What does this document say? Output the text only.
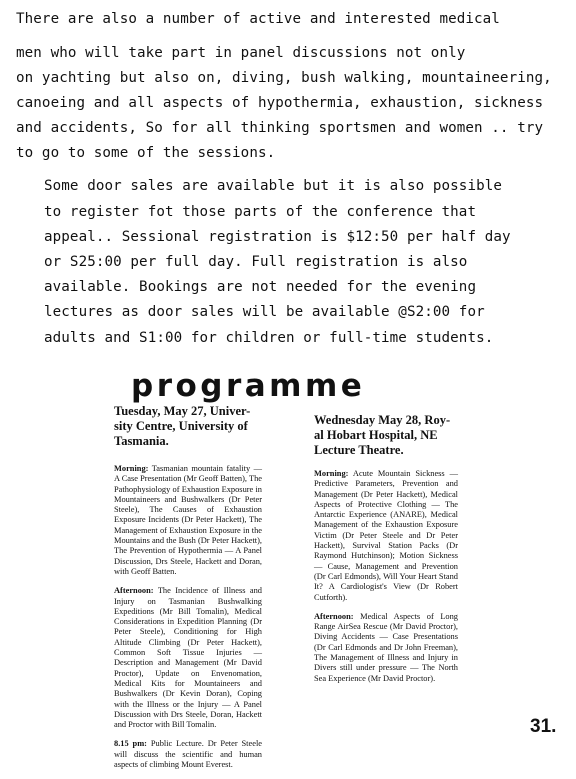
There are also a number of active and interested medical
men who will take part in panel discussions not only
on yachting but also on, diving, bush walking, mountaineering,
canoeing and all aspects of hypothermia, exhaustion, sickness
and accidents, So for all thinking sportsmen and women .. try
to go to some of the sessions.
Some door sales are available but it is also possible
to register fot those parts of the conference that
appeal.. Sessional registration is $12:50 per half day
or S25:00 per full day. Full registration is also
available. Bookings are not needed for the evening
lectures as door sales will be available @S2:00 for
adults and S1:00 for children or full-time students.
programme
Tuesday, May 27, Univer-
sity Centre, University of
Tasmania.
Morning: Tasmanian mountain fatality — A Case Presentation (Mr Geoff Batten), The Pathophysiology of Exhaustion Exposure in Mountaineers and Bushwalkers (Dr Peter Steele), The Causes of Exhaustion Exposure Incidents (Dr Peter Hackett), The Management of Exhaustion Exposure in the Mountains and the Bush (Dr Peter Hackett), The Prevention of Hypothermia — A Panel Discussion, Drs Steele, Hackett and Doran, with Geoff Batten.
Afternoon: The Incidence of Illness and Injury on Tasmanian Bushwalking Expeditions (Mr Bill Tomalin), Medical Considerations in Expedition Planning (Dr Peter Steele), Conditioning for High Altitude Climbing (Dr Peter Hackett), Common Soft Tissue Injuries — Description and Management (Mr David Proctor), Update on Envenomation, Medical Kits for Mountaineers and Bushwalkers (Dr Kevin Doran), Coping with the Illness or the Injury — A Panel Discussion with Drs Steele, Doran, Hackett and Proctor with Bill Tomalin.
8.15 pm: Public Lecture. Dr Peter Steele will discuss the scientific and human aspects of climbing Mount Everest.
Wednesday May 28, Roy-
al Hobart Hospital, NE
Lecture Theatre.
Morning: Acute Mountain Sickness — Predictive Parameters, Prevention and Management (Dr Peter Hackett), Medical Aspects of Protective Clothing — The Antarctic Experience (ANARE), Medical Management of the Exhaustion Exposure Victim (Dr Peter Steele and Dr Peter Hackett), Survival Station Packs (Dr Raymond Hutchinson); Motion Sickness — Cause, Management and Prevention (Dr Carl Edmonds), Will Your Heart Stand It? A Cardiologist's View (Dr Robert Cutforth).
Afternoon: Medical Aspects of Long Range AirSea Rescue (Mr David Proctor), Diving Accidents — Case Presentations (Dr Carl Edmonds and Dr John Freeman), The Management of Illness and Injury in Divers still under pressure — The North Sea Experience (Mr David Proctor).
31.
